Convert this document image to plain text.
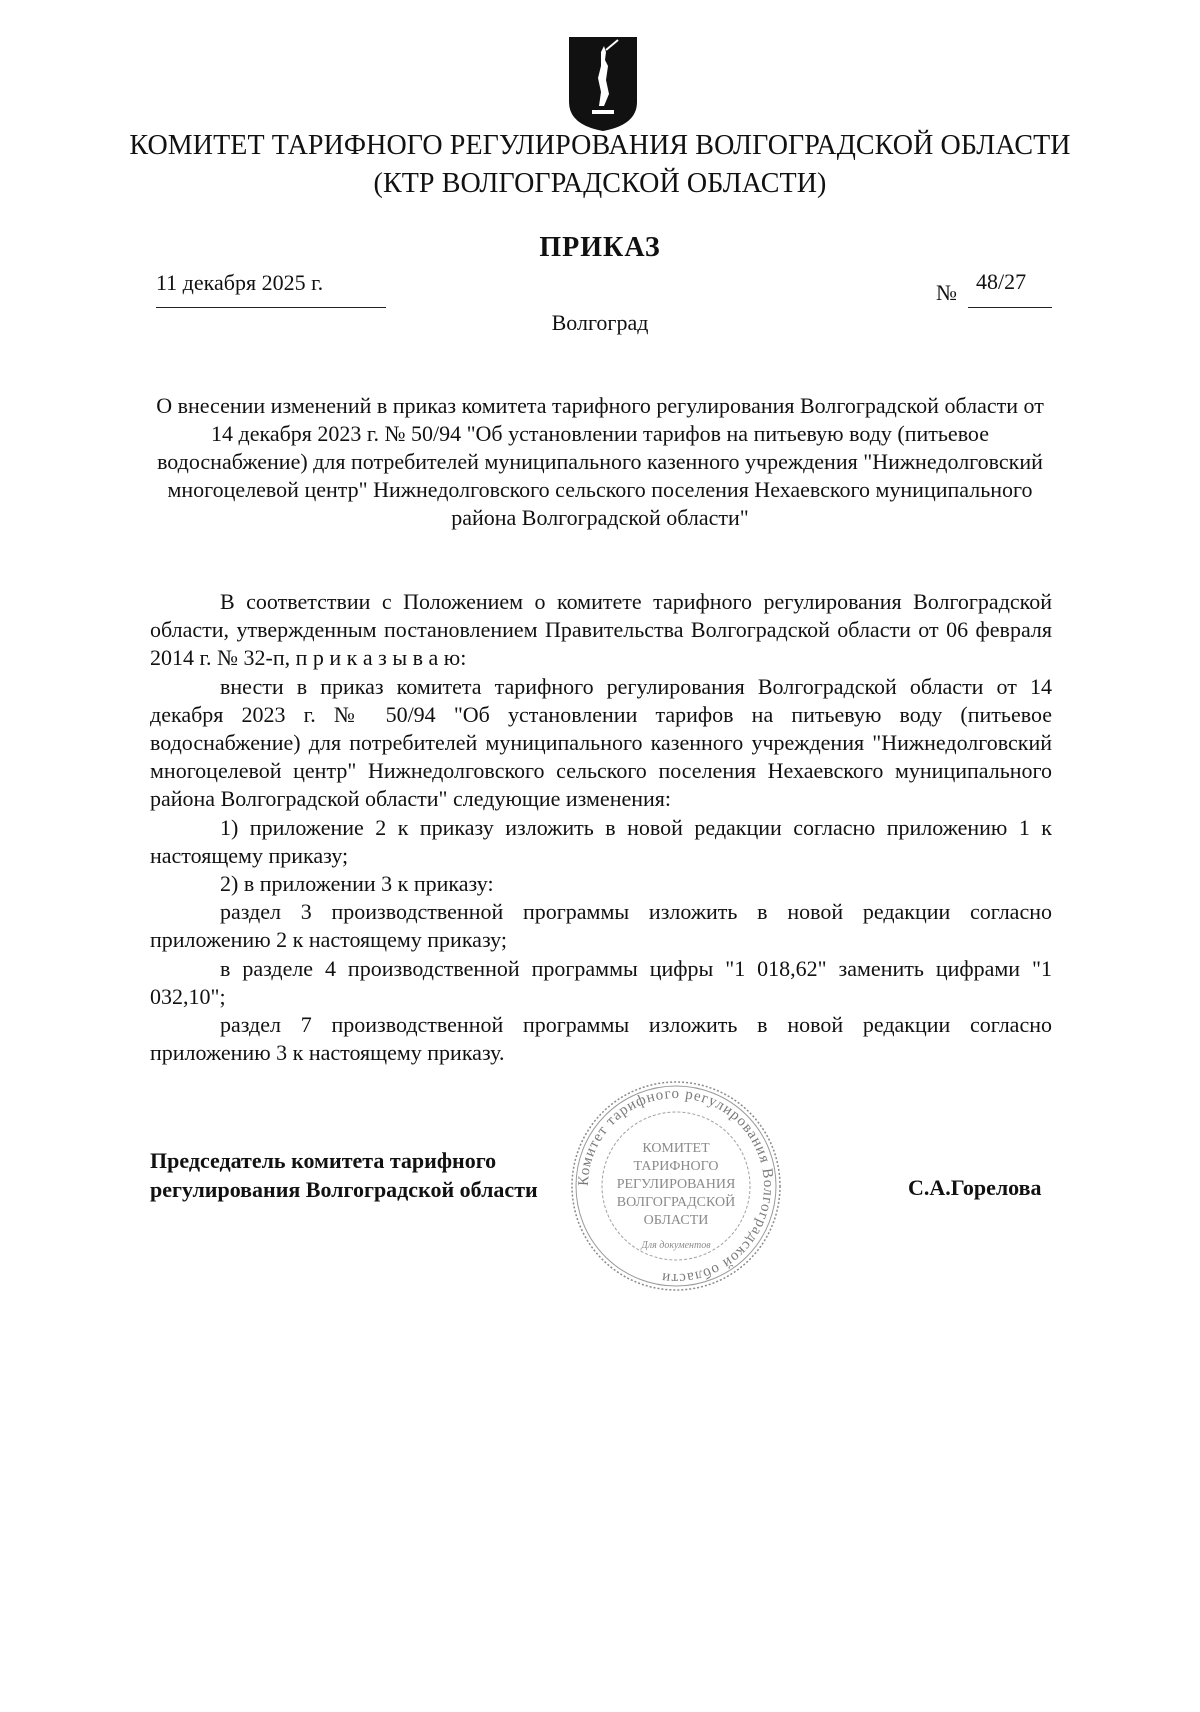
КОМИТЕТ ТАРИФНОГО РЕГУЛИРОВАНИЯ ВОЛГОГРАДСКОЙ ОБЛАСТИ
(КТР ВОЛГОГРАДСКОЙ ОБЛАСТИ)
ПРИКАЗ
11 декабря 2025 г.	№ 48/27
Волгоград
О внесении изменений в приказ комитета тарифного регулирования Волгоградской области от 14 декабря 2023 г. № 50/94 "Об установлении тарифов на питьевую воду (питьевое водоснабжение) для потребителей муниципального казенного учреждения "Нижнедолговский многоцелевой центр" Нижнедолговского сельского поселения Нехаевского муниципального района Волгоградской области"

В соответствии с Положением о комитете тарифного регулирования Волгоградской области, утвержденным постановлением Правительства Волгоградской области от 06 февраля 2014 г. № 32-п, п р и к а з ы в а ю:

внести в приказ комитета тарифного регулирования Волгоградской области от 14 декабря 2023 г. № 50/94 "Об установлении тарифов на питьевую воду (питьевое водоснабжение) для потребителей муниципального казенного учреждения "Нижнедолговский многоцелевой центр" Нижнедолговского сельского поселения Нехаевского муниципального района Волгоградской области" следующие изменения:

1) приложение 2 к приказу изложить в новой редакции согласно приложению 1 к настоящему приказу;

2) в приложении 3 к приказу:

раздел 3 производственной программы изложить в новой редакции согласно приложению 2 к настоящему приказу;

в разделе 4 производственной программы цифры "1 018,62" заменить цифрами "1 032,10";

раздел 7 производственной программы изложить в новой редакции согласно приложению 3 к настоящему приказу.

Председатель комитета тарифного
регулирования Волгоградской области	С.А.Горелова
Комитет тарифного регулирования Волгоградской области
КОМИТЕТ
ТАРИФНОГО
РЕГУЛИРОВАНИЯ
ВОЛГОГРАДСКОЙ
ОБЛАСТИ
Для документов
